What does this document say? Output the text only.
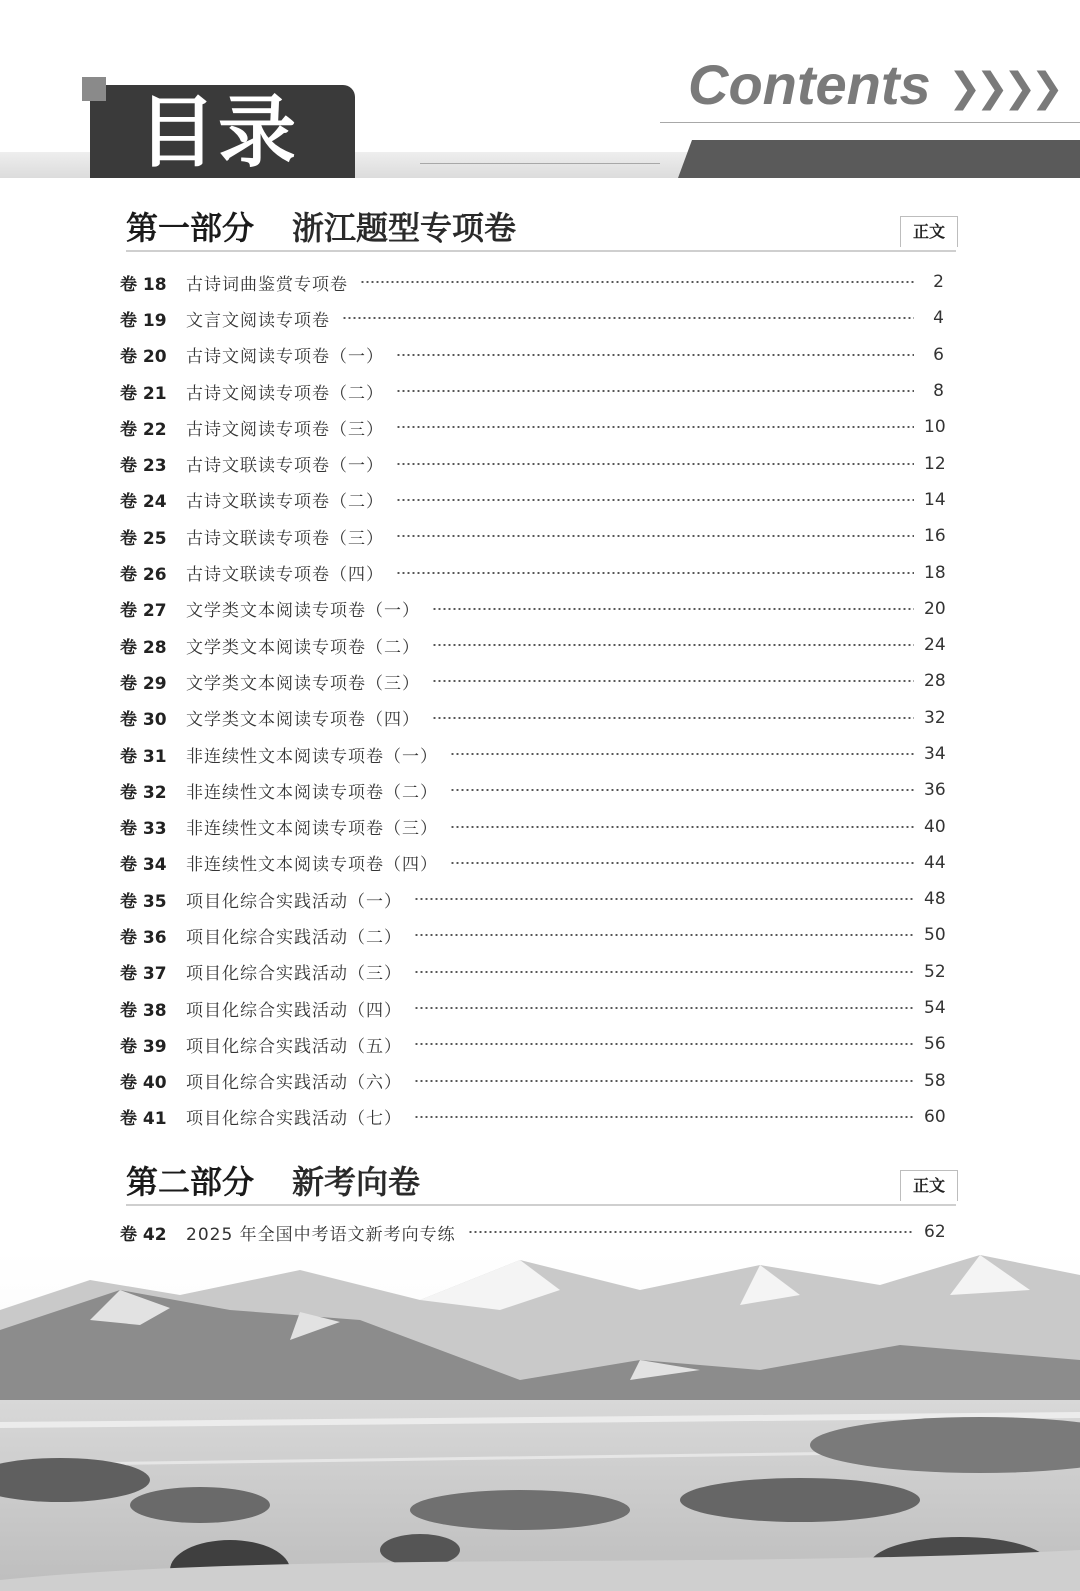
目录
Contents ❯❯❯❯
第一部分 浙江题型专项卷	正文
卷 18	古诗词曲鉴赏专项卷	2
卷 19	文言文阅读专项卷	4
卷 20	古诗文阅读专项卷（一）	6
卷 21	古诗文阅读专项卷（二）	8
卷 22	古诗文阅读专项卷（三）	10
卷 23	古诗文联读专项卷（一）	12
卷 24	古诗文联读专项卷（二）	14
卷 25	古诗文联读专项卷（三）	16
卷 26	古诗文联读专项卷（四）	18
卷 27	文学类文本阅读专项卷（一）	20
卷 28	文学类文本阅读专项卷（二）	24
卷 29	文学类文本阅读专项卷（三）	28
卷 30	文学类文本阅读专项卷（四）	32
卷 31	非连续性文本阅读专项卷（一）	34
卷 32	非连续性文本阅读专项卷（二）	36
卷 33	非连续性文本阅读专项卷（三）	40
卷 34	非连续性文本阅读专项卷（四）	44
卷 35	项目化综合实践活动（一）	48
卷 36	项目化综合实践活动（二）	50
卷 37	项目化综合实践活动（三）	52
卷 38	项目化综合实践活动（四）	54
卷 39	项目化综合实践活动（五）	56
卷 40	项目化综合实践活动（六）	58
卷 41	项目化综合实践活动（七）	60
第二部分 新考向卷	正文
卷 42	2025 年全国中考语文新考向专练	62
